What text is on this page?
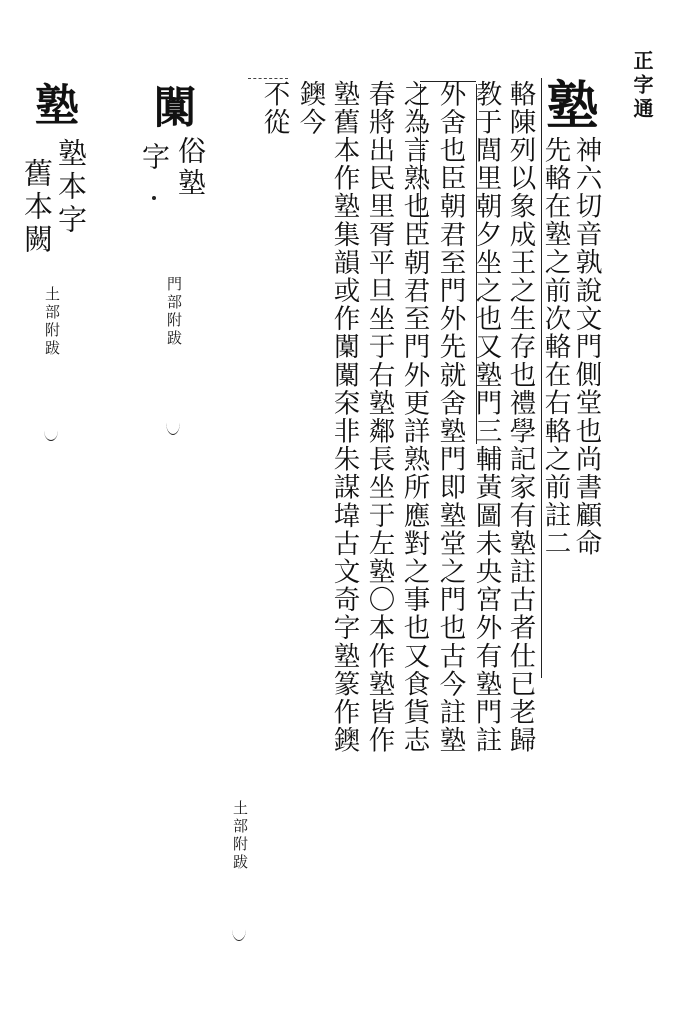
正字通
塾
神六切音孰說文門側堂也尚書顧命
先輅在塾之前次輅在右輅之前註二
輅陳列以象成王之生存也禮學記家有塾註古者仕已老歸
教于閭里朝夕坐之也又塾門三輔黃圖未央宮外有塾門註
外舍也臣朝君至門外先就舍塾門即塾堂之門也古今註塾
之為言熟也臣朝君至門外更詳熟所應對之事也又食貨志
春將出民里胥平旦坐于右塾鄰長坐于左塾〇本作塾皆作
塾舊本作塾集韻或作闑闑㚓非朱謀㙔古文奇字塾篆作鐭
鐭今
不從
闑
俗塾
字
塾
塾本字
舊本闕
門部附跋
土部附跋
土部附跋
